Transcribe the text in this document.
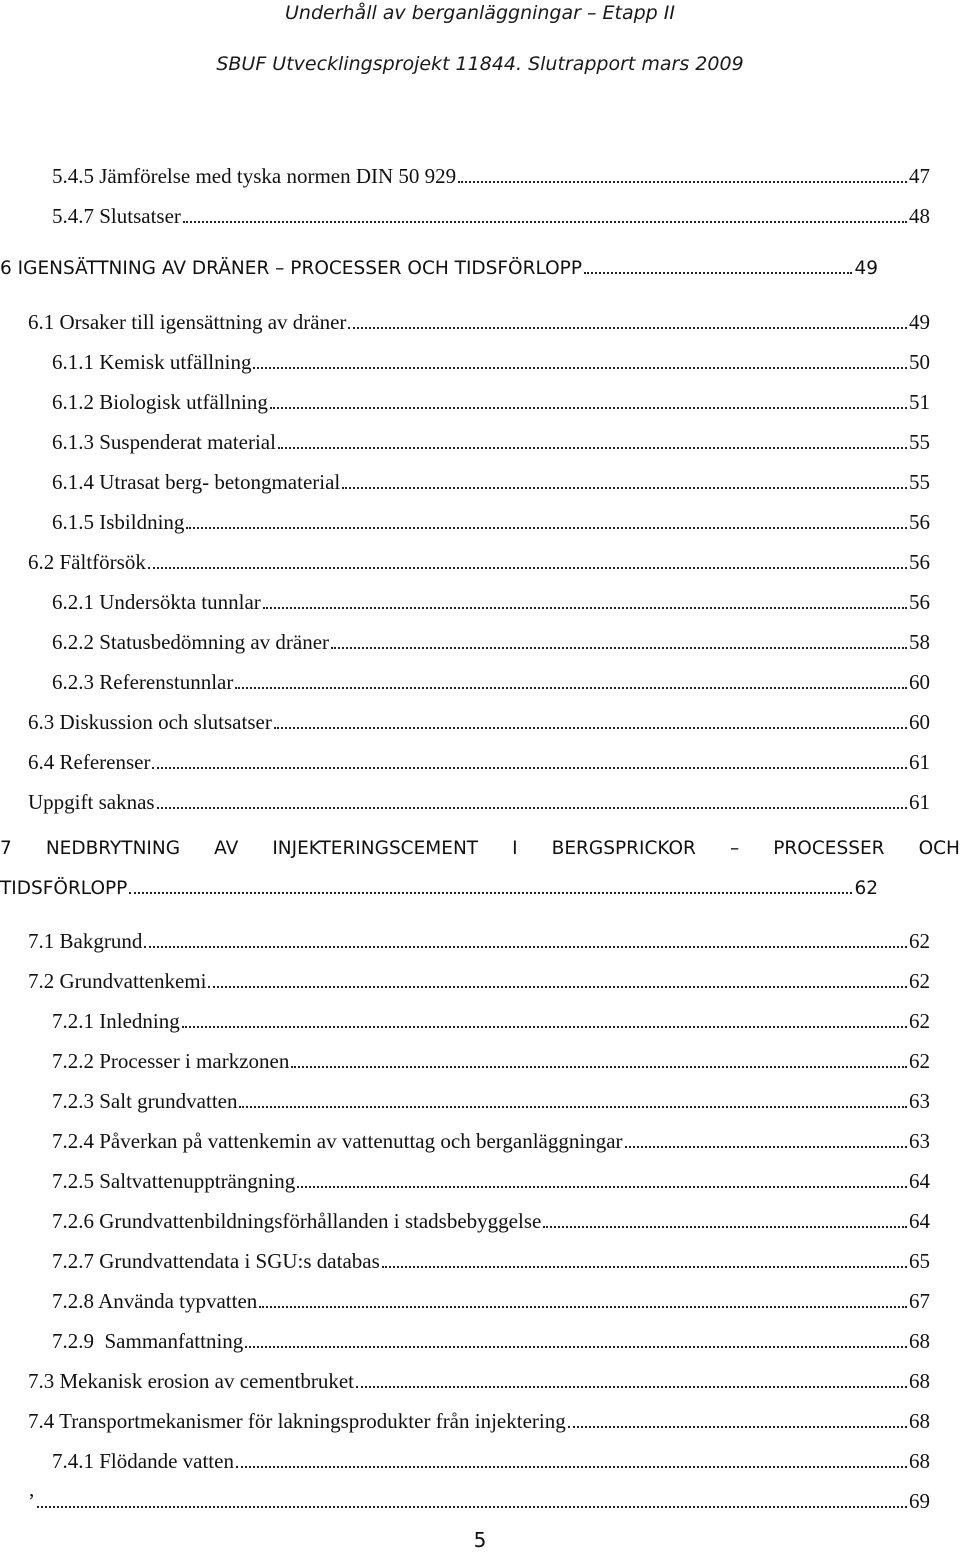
Underhåll av berganläggningar – Etapp II
SBUF Utvecklingsprojekt 11844. Slutrapport mars 2009
5.4.5 Jämförelse med tyska normen DIN 50 929	47
5.4.7 Slutsatser	48
6 IGENSÄTTNING AV DRÄNER – PROCESSER OCH TIDSFÖRLOPP	49
6.1 Orsaker till igensättning av dräner	49
6.1.1 Kemisk utfällning	50
6.1.2 Biologisk utfällning	51
6.1.3 Suspenderat material	55
6.1.4 Utrasat berg- betongmaterial	55
6.1.5 Isbildning	56
6.2 Fältförsök	56
6.2.1 Undersökta tunnlar	56
6.2.2 Statusbedömning av dräner	58
6.2.3 Referenstunnlar	60
6.3 Diskussion och slutsatser	60
6.4 Referenser	61
Uppgift saknas	61
7 NEDBRYTNING AV INJEKTERINGSCEMENT I BERGSPRICKOR – PROCESSER OCH
TIDSFÖRLOPP	62
7.1 Bakgrund	62
7.2 Grundvattenkemi	62
7.2.1 Inledning	62
7.2.2 Processer i markzonen	62
7.2.3 Salt grundvatten	63
7.2.4 Påverkan på vattenkemin av vattenuttag och berganläggningar	63
7.2.5 Saltvattenuppträngning	64
7.2.6 Grundvattenbildningsförhållanden i stadsbebyggelse	64
7.2.7 Grundvattendata i SGU:s databas	65
7.2.8 Använda typvatten	67
7.2.9  Sammanfattning	68
7.3 Mekanisk erosion av cementbruket	68
7.4 Transportmekanismer för lakningsprodukter från injektering	68
7.4.1 Flödande vatten	68
’	69
5
